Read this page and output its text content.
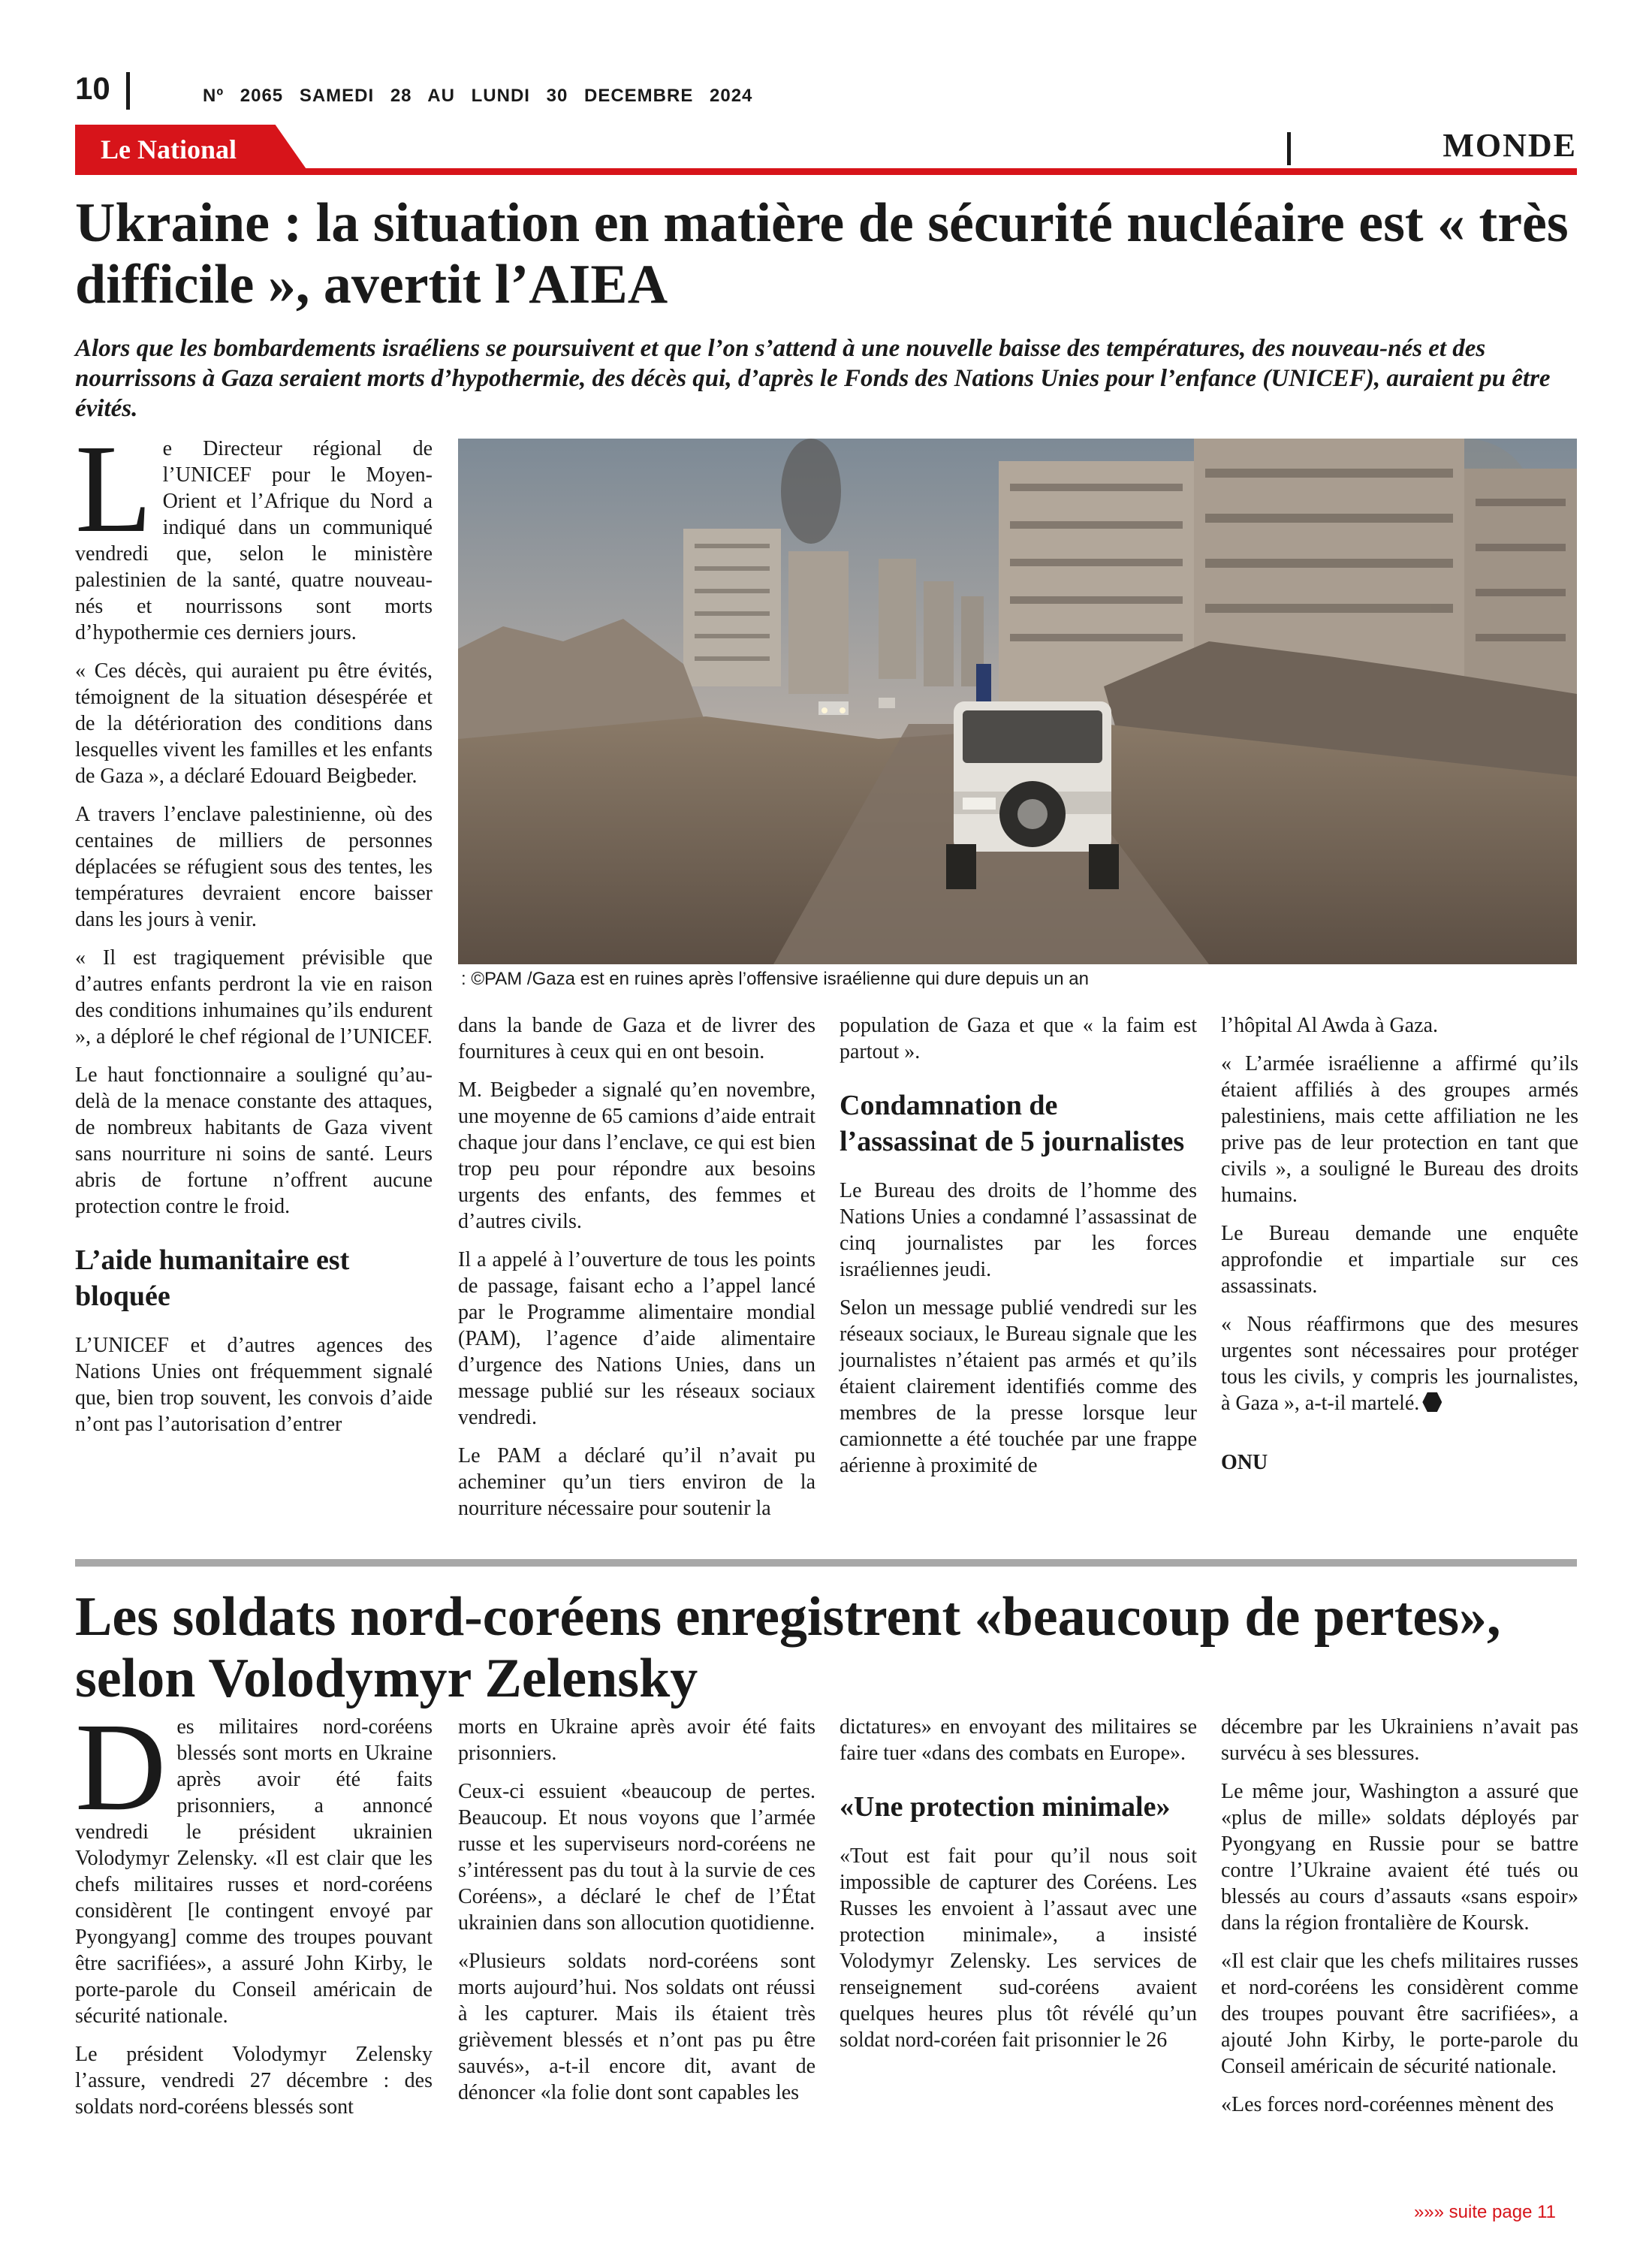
10	Nº 2065 SAMEDI 28 AU LUNDI 30 DECEMBRE 2024
Le National	MONDE
Ukraine : la situation en matière de sécurité nucléaire est « très difficile », avertit l’AIEA
Alors que les bombardements israéliens se poursuivent et que l’on s’attend à une nouvelle baisse des températures, des nouveau-nés et des nourrissons à Gaza seraient morts d’hypothermie, des décès qui, d’après le Fonds des Nations Unies pour l’enfance (UNICEF), auraient pu être évités.

Le Directeur régional de l’UNICEF pour le Moyen-Orient et l’Afrique du Nord a indiqué dans un communiqué vendredi que, selon le ministère palestinien de la santé, quatre nouveau-nés et nourrissons sont morts d’hypothermie ces derniers jours.

« Ces décès, qui auraient pu être évités, témoignent de la situation désespérée et de la détérioration des conditions dans lesquelles vivent les familles et les enfants de Gaza », a déclaré Edouard Beigbeder.

A travers l’enclave palestinienne, où des centaines de milliers de personnes déplacées se réfugient sous des tentes, les températures devraient encore baisser dans les jours à venir.

« Il est tragiquement prévisible que d’autres enfants perdront la vie en raison des conditions inhumaines qu’ils endurent », a déploré le chef régional de l’UNICEF.

Le haut fonctionnaire a souligné qu’au-delà de la menace constante des attaques, de nombreux habitants de Gaza vivent sans nourriture ni soins de santé. Leurs abris de fortune n’offrent aucune protection contre le froid.

L’aide humanitaire est bloquée

L’UNICEF et d’autres agences des Nations Unies ont fréquemment signalé que, bien trop souvent, les convois d’aide n’ont pas l’autorisation d’entrer

: ©PAM /Gaza est en ruines après l’offensive israélienne qui dure depuis un an

dans la bande de Gaza et de livrer des fournitures à ceux qui en ont besoin.

M. Beigbeder a signalé qu’en novembre, une moyenne de 65 camions d’aide entrait chaque jour dans l’enclave, ce qui est bien trop peu pour répondre aux besoins urgents des enfants, des femmes et d’autres civils.

Il a appelé à l’ouverture de tous les points de passage, faisant echo a l’appel lancé par le Programme alimentaire mondial (PAM), l’agence d’aide alimentaire d’urgence des Nations Unies, dans un message publié sur les réseaux sociaux vendredi.

Le PAM a déclaré qu’il n’avait pu acheminer qu’un tiers environ de la nourriture nécessaire pour soutenir la

population de Gaza et que « la faim est partout ».

Condamnation de l’assassinat de 5 journalistes

Le Bureau des droits de l’homme des Nations Unies a condamné l’assassinat de cinq journalistes par les forces israéliennes jeudi.

Selon un message publié vendredi sur les réseaux sociaux, le Bureau signale que les journalistes n’étaient pas armés et qu’ils étaient clairement identifiés comme des membres de la presse lorsque leur camionnette a été touchée par une frappe aérienne à proximité de

l’hôpital Al Awda à Gaza.

« L’armée israélienne a affirmé qu’ils étaient affiliés à des groupes armés palestiniens, mais cette affiliation ne les prive pas de leur protection en tant que civils », a souligné le Bureau des droits humains.

Le Bureau demande une enquête approfondie et impartiale sur ces assassinats.

« Nous réaffirmons que des mesures urgentes sont nécessaires pour protéger tous les civils, y compris les journalistes, à Gaza », a-t-il martelé.

ONU

Les soldats nord-coréens enregistrent «beaucoup de pertes», selon Volodymyr Zelensky

Des militaires nord-coréens blessés sont morts en Ukraine après avoir été faits prisonniers, a annoncé vendredi le président ukrainien Volodymyr Zelensky. «Il est clair que les chefs militaires russes et nord-coréens considèrent [le contingent envoyé par Pyongyang] comme des troupes pouvant être sacrifiées», a assuré John Kirby, le porte-parole du Conseil américain de sécurité nationale.

Le président Volodymyr Zelensky l’assure, vendredi 27 décembre : des soldats nord-coréens blessés sont

morts en Ukraine après avoir été faits prisonniers.

Ceux-ci essuient «beaucoup de pertes. Beaucoup. Et nous voyons que l’armée russe et les superviseurs nord-coréens ne s’intéressent pas du tout à la survie de ces Coréens», a déclaré le chef de l’État ukrainien dans son allocution quotidienne.

«Plusieurs soldats nord-coréens sont morts aujourd’hui. Nos soldats ont réussi à les capturer. Mais ils étaient très grièvement blessés et n’ont pas pu être sauvés», a-t-il encore dit, avant de dénoncer «la folie dont sont capables les

dictatures» en envoyant des militaires se faire tuer «dans des combats en Europe».

«Une protection minimale»

«Tout est fait pour qu’il nous soit impossible de capturer des Coréens. Les Russes les envoient à l’assaut avec une protection minimale», a insisté Volodymyr Zelensky. Les services de renseignement sud-coréens avaient quelques heures plus tôt révélé qu’un soldat nord-coréen fait prisonnier le 26

décembre par les Ukrainiens n’avait pas survécu à ses blessures.

Le même jour, Washington a assuré que «plus de mille» soldats déployés par Pyongyang en Russie pour se battre contre l’Ukraine avaient été tués ou blessés au cours d’assauts «sans espoir» dans la région frontalière de Koursk.

«Il est clair que les chefs militaires russes et nord-coréens les considèrent comme des troupes pouvant être sacrifiées», a ajouté John Kirby, le porte-parole du Conseil américain de sécurité nationale.

«Les forces nord-coréennes mènent des

»»» suite page 11
